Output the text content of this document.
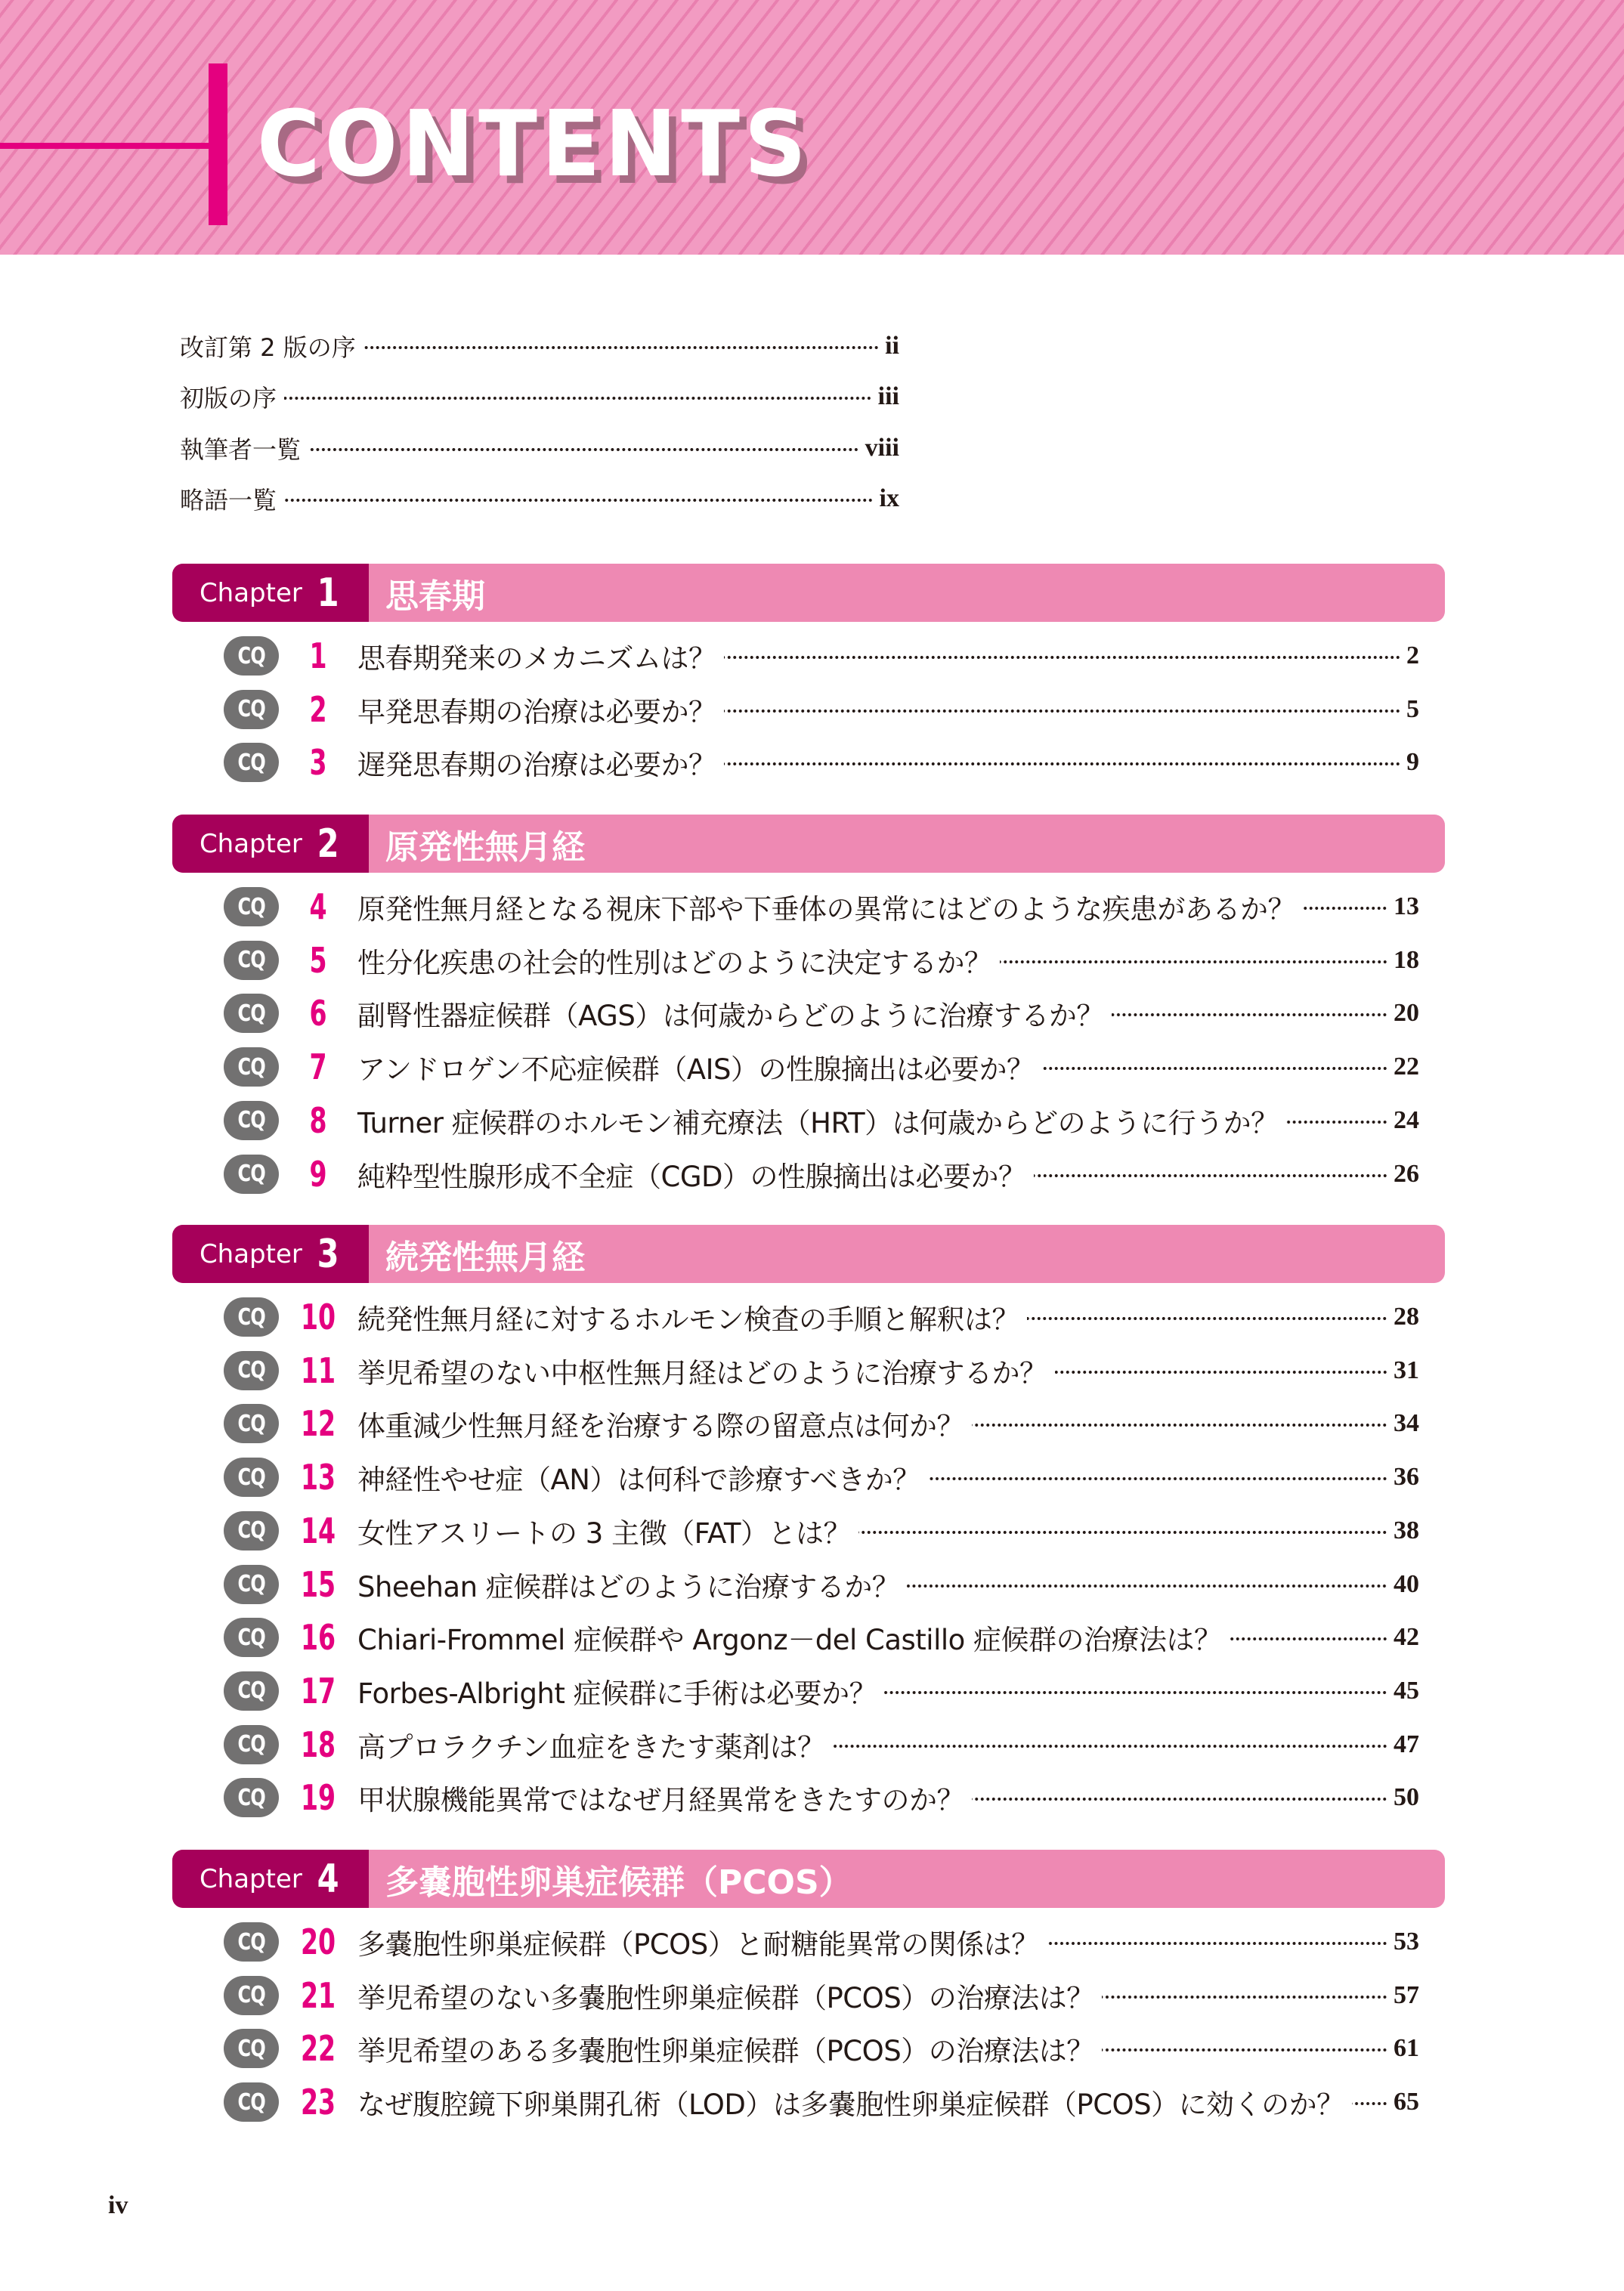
CONTENTS
改訂第 2 版の序	ii
初版の序	iii
執筆者一覧	viii
略語一覧	ix
Chapter 1 思春期
CQ	1	思春期発来のメカニズムは？	2
CQ	2	早発思春期の治療は必要か？	5
CQ	3	遅発思春期の治療は必要か？	9
Chapter 2 原発性無月経
CQ	4	原発性無月経となる視床下部や下垂体の異常にはどのような疾患があるか？	13
CQ	5	性分化疾患の社会的性別はどのように決定するか？	18
CQ	6	副腎性器症候群（AGS）は何歳からどのように治療するか？	20
CQ	7	アンドロゲン不応症候群（AIS）の性腺摘出は必要か？	22
CQ	8	Turner 症候群のホルモン補充療法（HRT）は何歳からどのように行うか？	24
CQ	9	純粋型性腺形成不全症（CGD）の性腺摘出は必要か？	26
Chapter 3 続発性無月経
CQ	10 続発性無月経に対するホルモン検査の手順と解釈は？	28
CQ	11 挙児希望のない中枢性無月経はどのように治療するか？	31
CQ	12 体重減少性無月経を治療する際の留意点は何か？	34
CQ	13 神経性やせ症（AN）は何科で診療すべきか？	36
CQ	14 女性アスリートの 3 主徴（FAT）とは？	38
CQ	15 Sheehan 症候群はどのように治療するか？	40
CQ	16 Chiari-Frommel 症候群や Argonz－del Castillo 症候群の治療法は？	42
CQ	17 Forbes-Albright 症候群に手術は必要か？	45
CQ	18 高プロラクチン血症をきたす薬剤は？	47
CQ	19 甲状腺機能異常ではなぜ月経異常をきたすのか？	50
Chapter 4 多嚢胞性卵巣症候群（PCOS）
CQ	20 多嚢胞性卵巣症候群（PCOS）と耐糖能異常の関係は？	53
CQ	21 挙児希望のない多嚢胞性卵巣症候群（PCOS）の治療法は？	57
CQ	22 挙児希望のある多嚢胞性卵巣症候群（PCOS）の治療法は？	61
CQ	23 なぜ腹腔鏡下卵巣開孔術（LOD）は多嚢胞性卵巣症候群（PCOS）に効くのか？ 65
iv
